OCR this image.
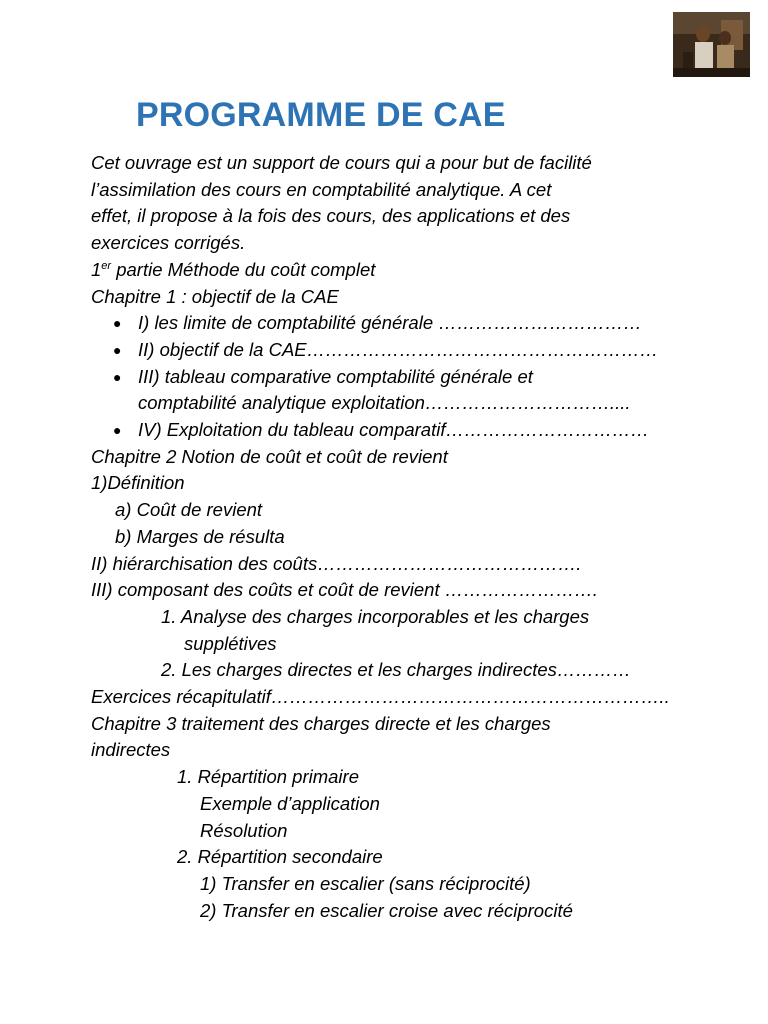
PROGRAMME DE CAE
Cet ouvrage est un support de cours qui a pour but de facilité
l’assimilation des cours en comptabilité analytique. A cet
effet, il propose à la fois des cours, des applications et des
exercices corrigés.
1er partie Méthode du coût complet
Chapitre 1 : objectif de la CAE
● I) les limite de comptabilité générale ……………………………
● II) objectif de la CAE…………………………………………………
● III) tableau comparative comptabilité générale et
comptabilité analytique exploitation…………………………....
● IV) Exploitation du tableau comparatif……………………………
Chapitre 2 Notion de coût et coût de revient
1)Définition
a) Coût de revient
b) Marges de résulta
II) hiérarchisation des coûts…………………………………….
III) composant des coûts et coût de revient …………………….
1. Analyse des charges incorporables et les charges
supplétives
2. Les charges directes et les charges indirectes…………
Exercices récapitulatif………………………………………………………..
Chapitre 3 traitement des charges directe et les charges
indirectes
1. Répartition primaire
Exemple d’application
Résolution
2. Répartition secondaire
1) Transfer en escalier (sans réciprocité)
2) Transfer en escalier croise avec réciprocité
